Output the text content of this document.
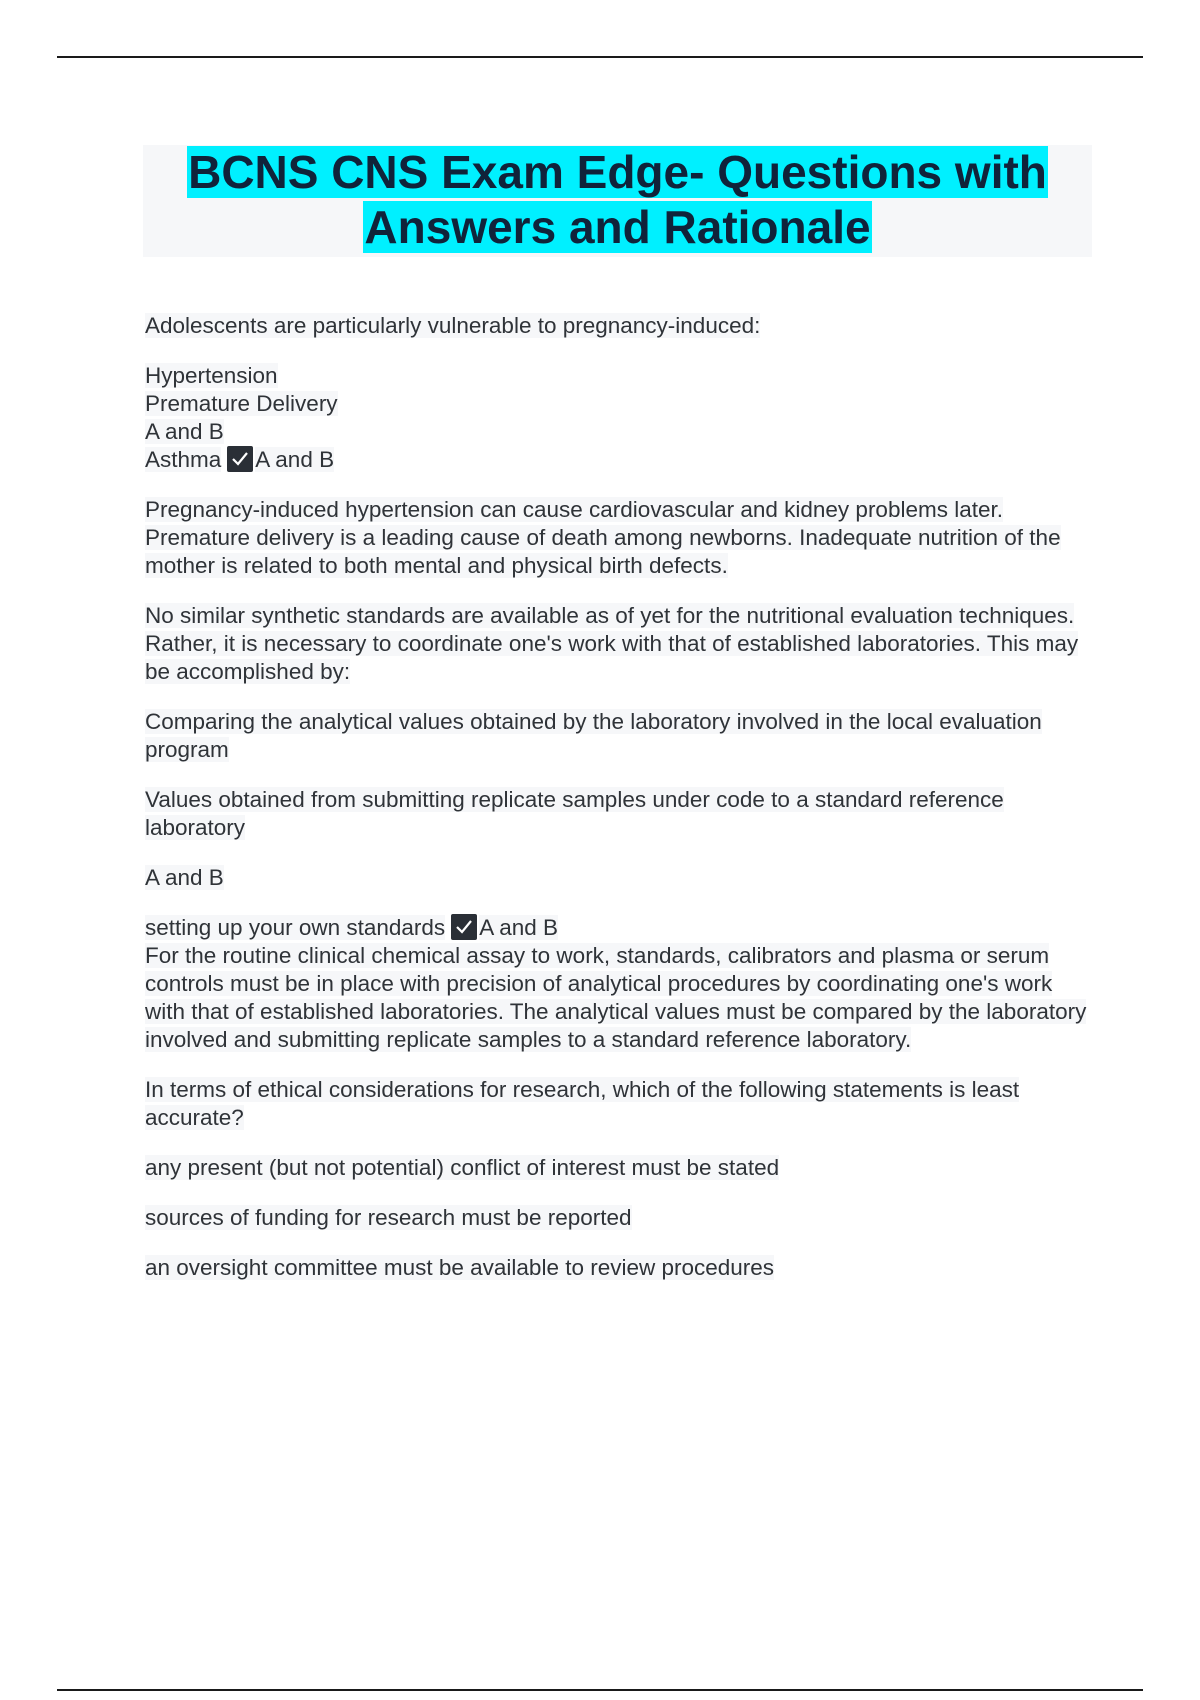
BCNS CNS Exam Edge- Questions with
Answers and Rationale

Adolescents are particularly vulnerable to pregnancy-induced:

Hypertension

Premature Delivery

A and B

Asthma A and B

Pregnancy-induced hypertension can cause cardiovascular and kidney problems later. Premature delivery is a leading cause of death among newborns. Inadequate nutrition of the mother is related to both mental and physical birth defects.

No similar synthetic standards are available as of yet for the nutritional evaluation techniques. Rather, it is necessary to coordinate one's work with that of established laboratories. This may be accomplished by:

Comparing the analytical values obtained by the laboratory involved in the local evaluation program

Values obtained from submitting replicate samples under code to a standard reference laboratory

A and B

setting up your own standards A and B

For the routine clinical chemical assay to work, standards, calibrators and plasma or serum controls must be in place with precision of analytical procedures by coordinating one's work with that of established laboratories. The analytical values must be compared by the laboratory involved and submitting replicate samples to a standard reference laboratory.

In terms of ethical considerations for research, which of the following statements is least accurate?

any present (but not potential) conflict of interest must be stated

sources of funding for research must be reported

an oversight committee must be available to review procedures
